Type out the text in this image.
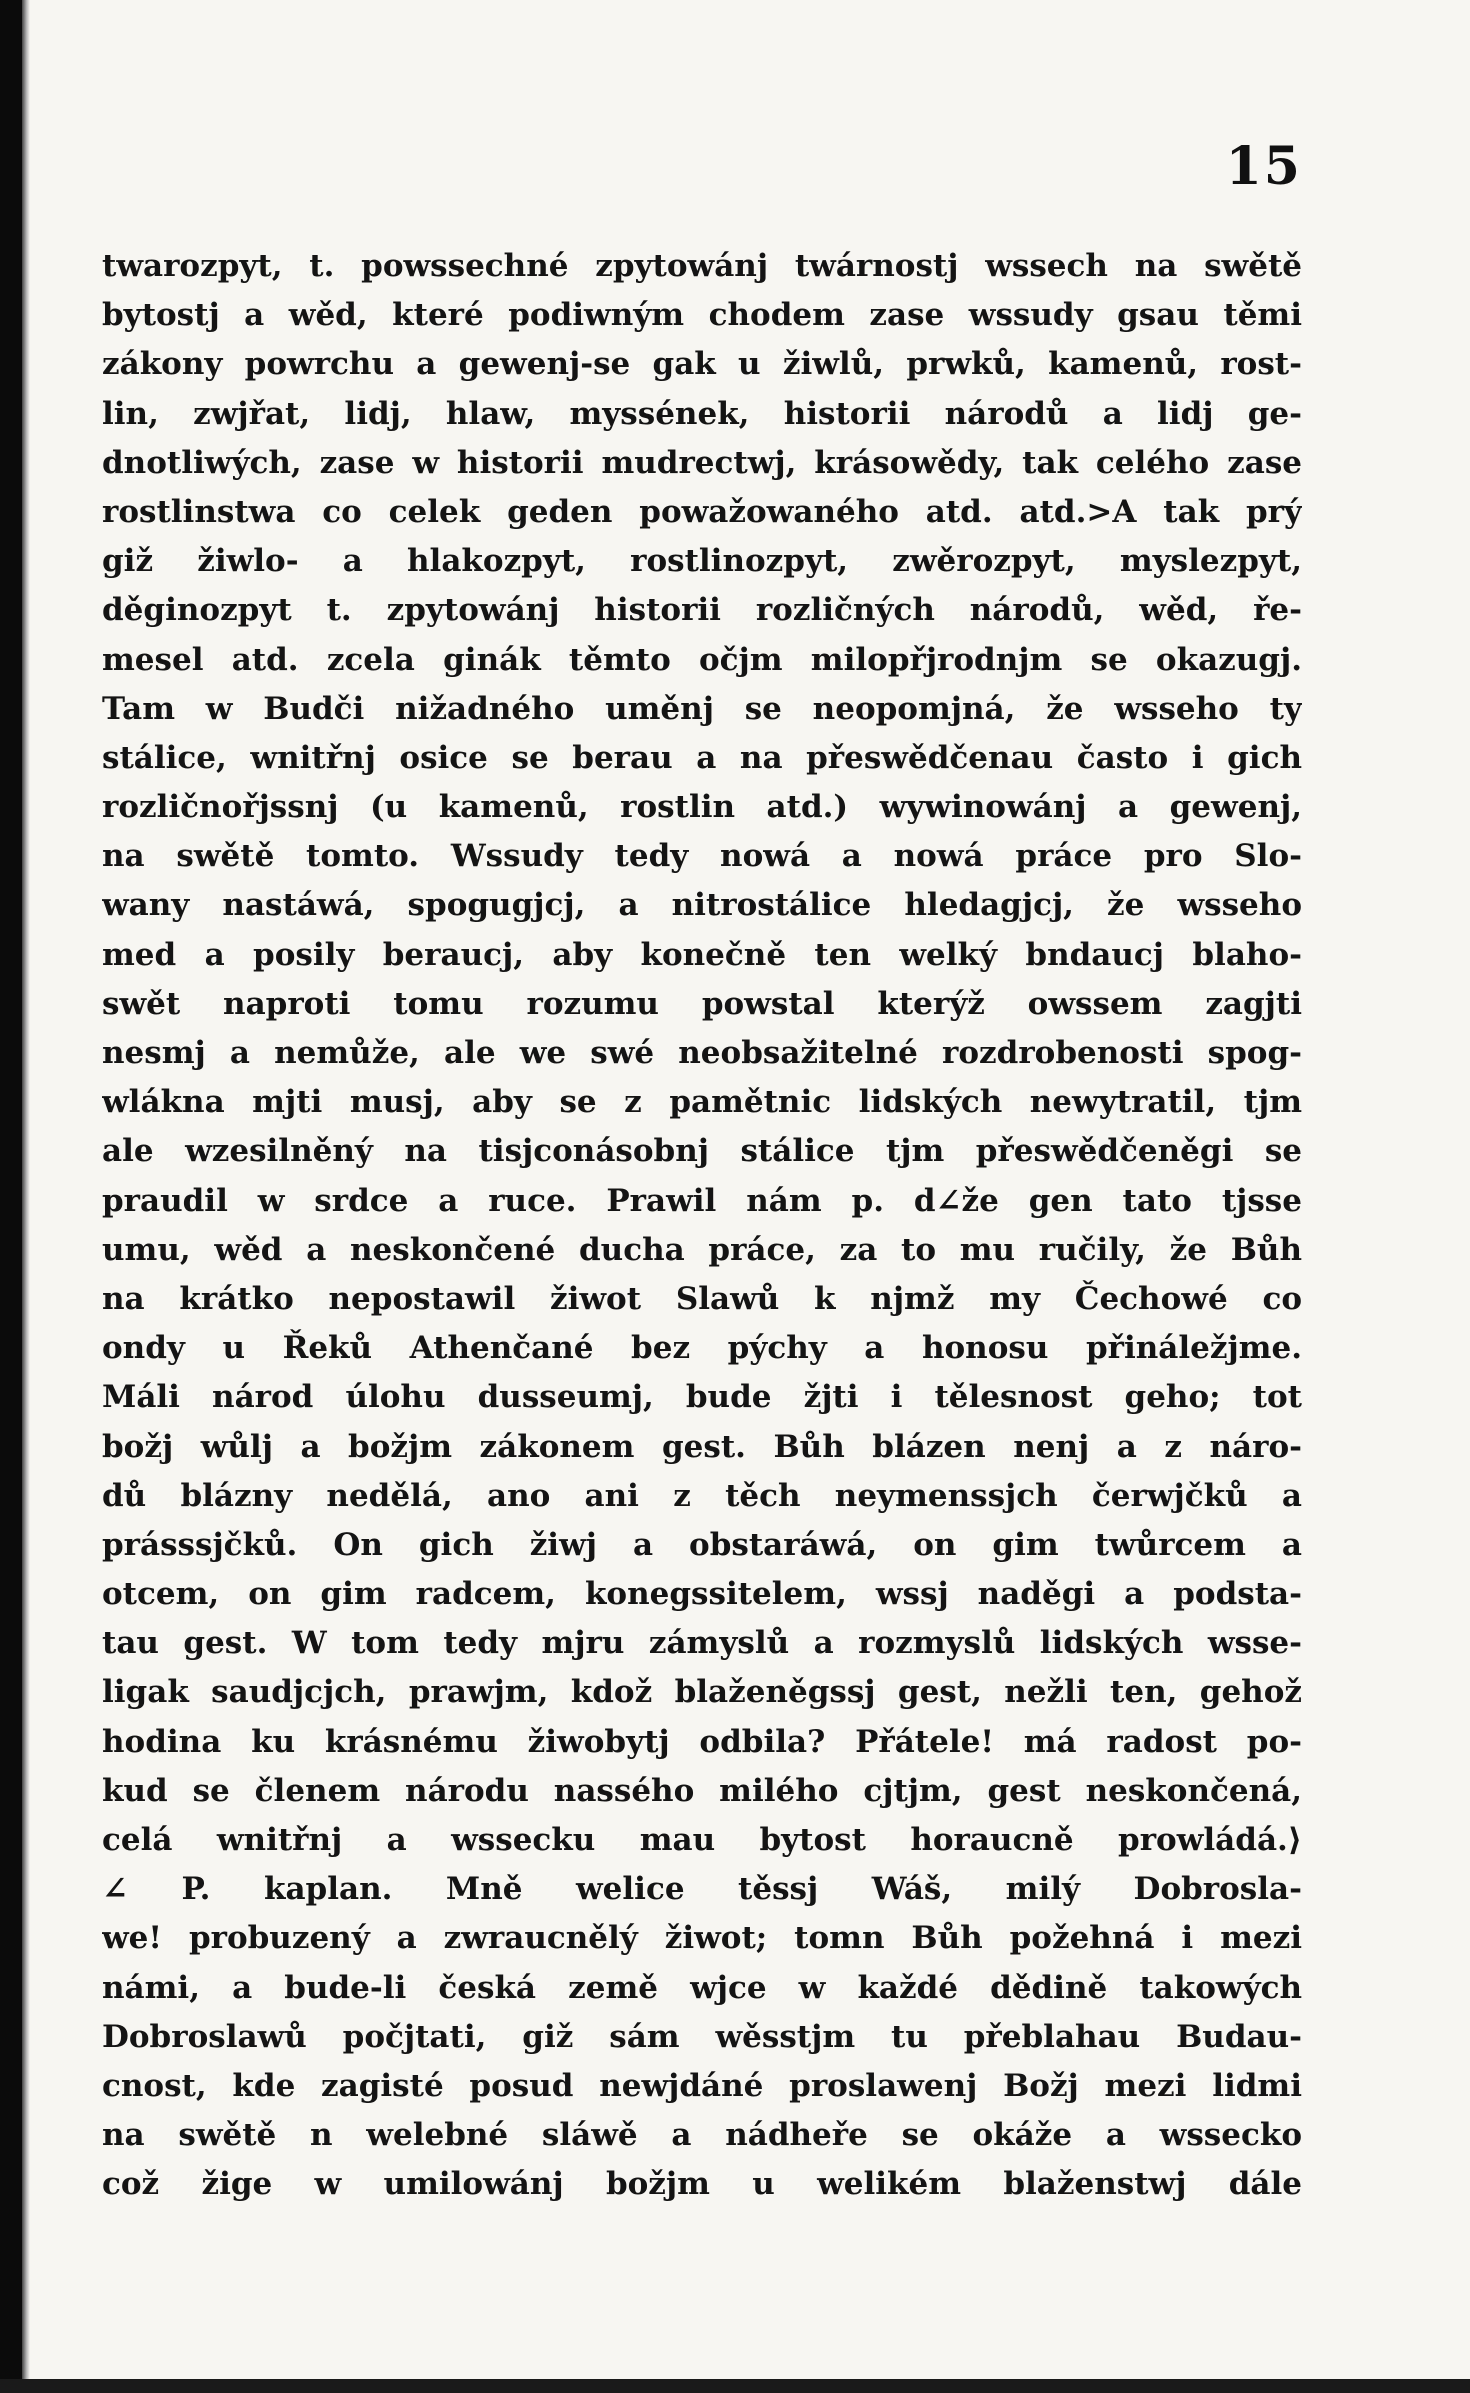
15
twarozpyt, t. powssechné zpytowánj twárnostj wssech na swětě
bytostj a wěd, které podiwným chodem zase wssudy gsau těmi
zákony powrchu a gewenj-se gak u žiwlů, prwků, kamenů, rost-
lin, zwjřat, lidj, hlaw, myssének, historii národů a lidj ge-
dnotliwých, zase w historii mudrectwj, krásowědy, tak celého zase
rostlinstwa co celek geden powažowaného atd. atd.>A tak prý
giž žiwlo- a hlakozpyt, rostlinozpyt, zwěrozpyt, myslezpyt,
děginozpyt t. zpytowánj historii rozličných národů, wěd, ře-
mesel atd. zcela ginák těmto očjm milopřjrodnjm se okazugj.
Tam w Budči nižadného uměnj se neopomjná, že wsseho ty
stálice, wnitřnj osice se berau a na přeswědčenau často i gich
rozličnořjssnj (u kamenů, rostlin atd.) wywinowánj a gewenj,
na swětě tomto. Wssudy tedy nowá a nowá práce pro Slo-
wany nastáwá, spogugjcj, a nitrostálice hledagjcj, že wsseho
med a posily beraucj, aby konečně ten welký bndaucj blaho-
swět naproti tomu rozumu powstal kterýž owssem zagjti
nesmj a nemůže, ale we swé neobsažitelné rozdrobenosti spog-
wlákna mjti musj, aby se z pamětnic lidských newytratil, tjm
ale wzesilněný na tisjconásobnj stálice tjm přeswědčeněgi se
praudil w srdce a ruce. Prawil nám p. d∠že gen tato tjsse
umu, wěd a neskončené ducha práce, za to mu ručily, že Bůh
na krátko nepostawil žiwot Slawů k njmž my Čechowé co
ondy u Řeků Athenčané bez pýchy a honosu přináležjme.
Máli národ úlohu dusseumj, bude žjti i tělesnost geho; tot
božj wůlj a božjm zákonem gest. Bůh blázen nenj a z náro-
dů blázny nedělá, ano ani z těch neymenssjch čerwjčků a
prásssjčků. On gich žiwj a obstaráwá, on gim twůrcem a
otcem, on gim radcem, konegssitelem, wssj naděgi a podsta-
tau gest. W tom tedy mjru zámyslů a rozmyslů lidských wsse-
ligak saudjcjch, prawjm, kdož blaženěgssj gest, nežli ten, gehož
hodina ku krásnému žiwobytj odbila? Přátele! má radost po-
kud se členem národu nassého milého cjtjm, gest neskončená,
celá wnitřnj a wssecku mau bytost horaucně prowládá.⟩
∠ P. kaplan. Mně welice těssj Wáš, milý Dobrosla-
we! probuzený a zwraucnělý žiwot; tomn Bůh požehná i mezi
námi, a bude-li česká země wjce w každé dědině takowých
Dobroslawů počjtati, giž sám wěsstjm tu přeblahau Budau-
cnost, kde zagisté posud newjdáné proslawenj Božj mezi lidmi
na swětě n welebné sláwě a nádheře se okáže a wssecko
což žige w umilowánj božjm u welikém blaženstwj dále
